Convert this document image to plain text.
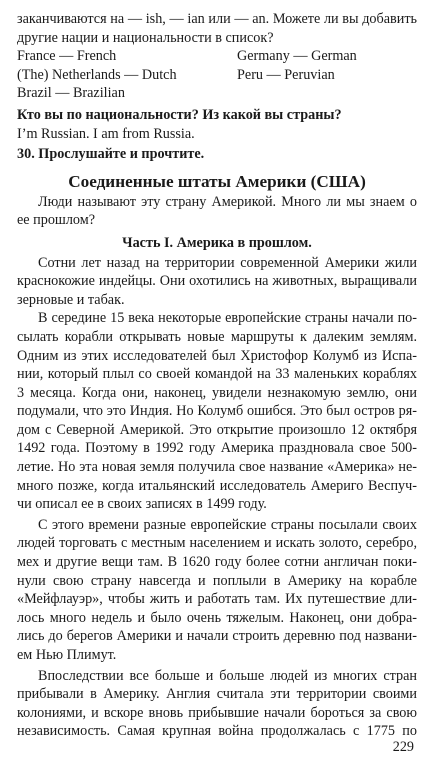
заканчиваются на — ish, — ian или — an. Можете ли вы добавить
другие нации и национальности в список?
France — French	Germany — German
(The) Netherlands — Dutch	Peru — Peruvian
Brazil — Brazilian
Кто вы по национальности? Из какой вы страны?
I’m Russian. I am from Russia.
30. Прослушайте и прочтите.
Соединенные штаты Америки (США)
Люди называют эту страну Америкой. Много ли мы знаем о
ее прошлом?
Часть I. Америка в прошлом.
Сотни лет назад на территории современной Америки жили
краснокожие индейцы. Они охотились на животных, выращивали
зерновые и табак.
В середине 15 века некоторые европейские страны начали по-
сылать корабли открывать новые маршруты к далеким землям.
Одним из этих исследователей был Христофор Колумб из Испа-
нии, который плыл со своей командой на 33 маленьких кораблях
3 месяца. Когда они, наконец, увидели незнакомую землю, они
подумали, что это Индия. Но Колумб ошибся. Это был остров ря-
дом с Северной Америкой. Это открытие произошло 12 октября
1492 года. Поэтому в 1992 году Америка праздновала свое 500-
летие. Но эта новая земля получила свое название «Америка» не-
много позже, когда итальянский исследователь Америго Веспуч-
чи описал ее в своих записях в 1499 году.
С этого времени разные европейские страны посылали своих
людей торговать с местным населением и искать золото, серебро,
мех и другие вещи там. В 1620 году более сотни англичан поки-
нули свою страну навсегда и поплыли в Америку на корабле
«Мейфлауэр», чтобы жить и работать там. Их путешествие дли-
лось много недель и было очень тяжелым. Наконец, они добра-
лись до берегов Америки и начали строить деревню под названи-
ем Нью Плимут.
Впоследствии все больше и больше людей из многих стран
прибывали в Америку. Англия считала эти территории своими
колониями, и вскоре вновь прибывшие начали бороться за свою
независимость. Самая крупная война продолжалась с 1775 по
229
